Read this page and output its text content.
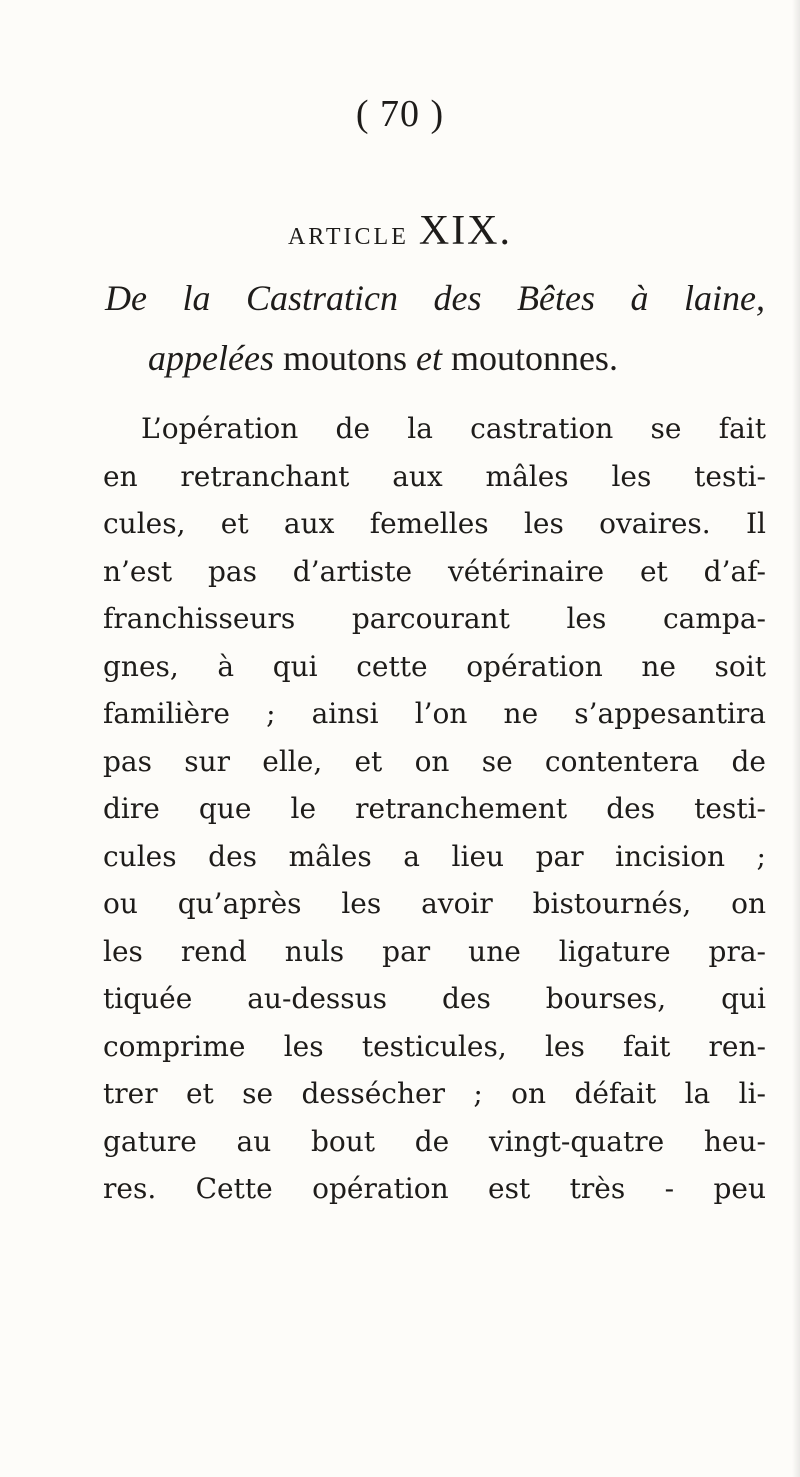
( 70 )

ARTICLE XIX.
De la Castraticn des Bêtes à laine,
appelées moutons et moutonnes.
L’opération de la castration se fait
en retranchant aux mâles les testi-
cules, et aux femelles les ovaires. Il
n’est pas d’artiste vétérinaire et d’af-
franchisseurs parcourant les campa-
gnes, à qui cette opération ne soit
familière ; ainsi l’on ne s’appesantira
pas sur elle, et on se contentera de
dire que le retranchement des testi-
cules des mâles a lieu par incision ;
ou qu’après les avoir bistournés, on
les rend nuls par une ligature pra-
tiquée au-dessus des bourses, qui
comprime les testicules, les fait ren-
trer et se dessécher ; on défait la li-
gature au bout de vingt-quatre heu-
res. Cette opération est très - peu
